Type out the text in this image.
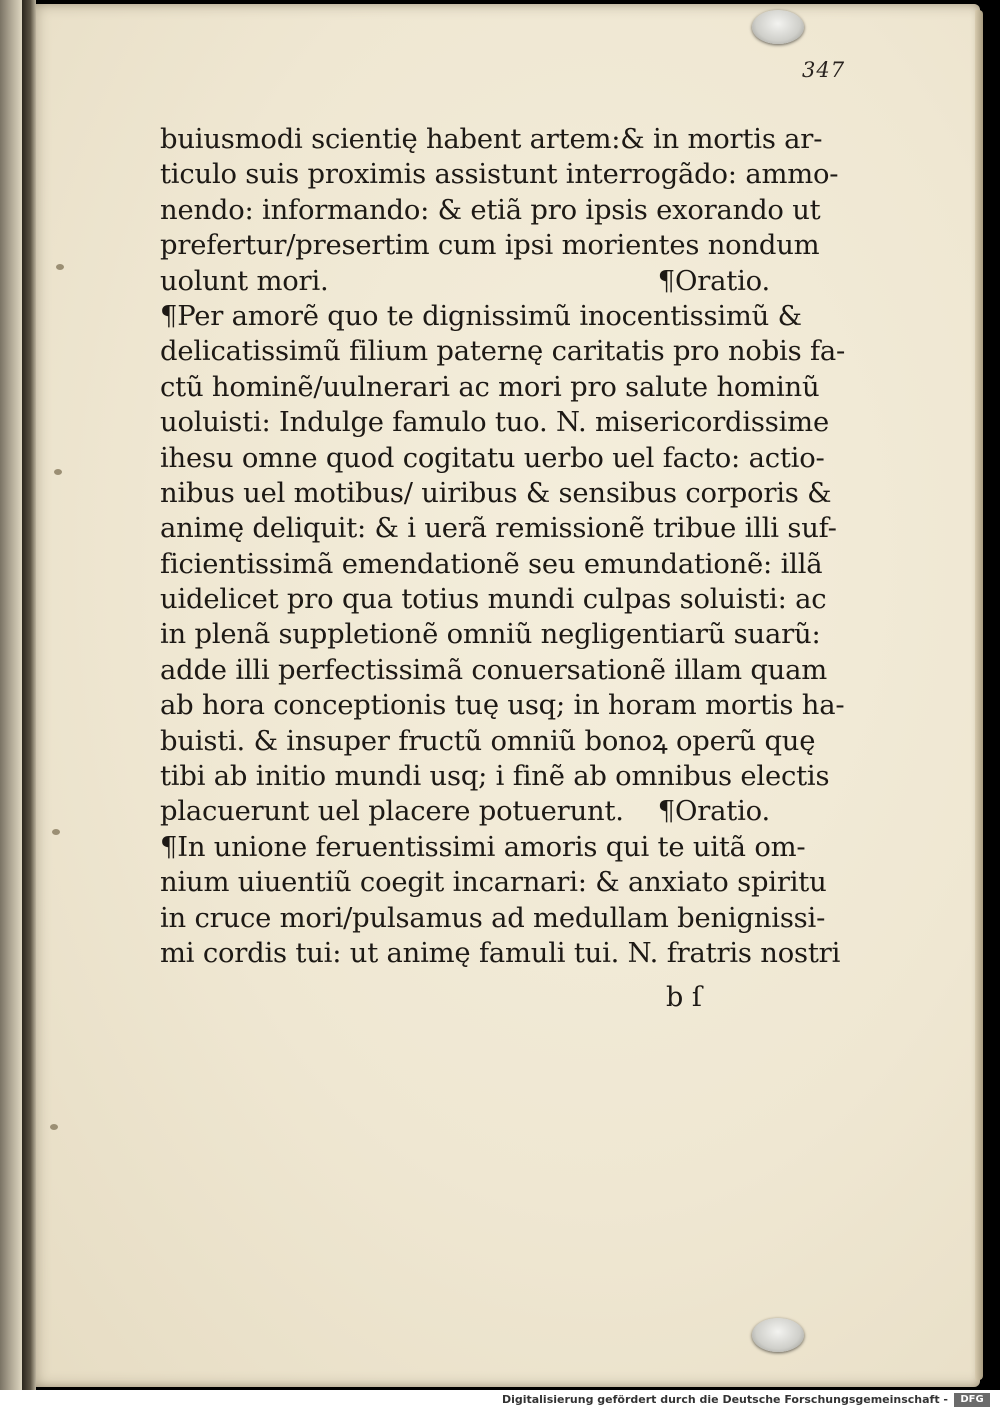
347
buiusmodi scientię habent artem:& in mortis ar-
ticulo suis proximis assistunt interrogãdo: ammo-
nendo: informando: & etiã pro ipsis exorando ut
prefertur/presertim cum ipsi morientes nondum
uolunt mori.	¶Oratio.
¶Per amorẽ quo te dignissimũ inocentissimũ &
delicatissimũ filium paternę caritatis pro nobis fa-
ctũ hominẽ/uulnerari ac mori pro salute hominũ
uoluisti: Indulge famulo tuo. N. misericordissime
ihesu omne quod cogitatu uerbo uel facto: actio-
nibus uel motibus/ uiribus & sensibus corporis &
animę deliquit: & i uerã remissionẽ tribue illi suf-
ficientissimã emendationẽ seu emundationẽ: illã
uidelicet pro qua totius mundi culpas soluisti: ac
in plenã suppletionẽ omniũ negligentiarũ suarũ:
adde illi perfectissimã conuersationẽ illam quam
ab hora conceptionis tuę usq; in horam mortis ha-
buisti. & insuper fructũ omniũ bonoꝝ operũ quę
tibi ab initio mundi usq; i finẽ ab omnibus electis
placuerunt uel placere potuerunt. ¶Oratio.
¶In unione feruentissimi amoris qui te uitã om-
nium uiuentiũ coegit incarnari: & anxiato spiritu
in cruce mori/pulsamus ad medullam benignissi-
mi cordis tui: ut animę famuli tui. N. fratris nostri
b ſ
Digitalisierung gefördert durch die Deutsche Forschungsgemeinschaft -	DFG
